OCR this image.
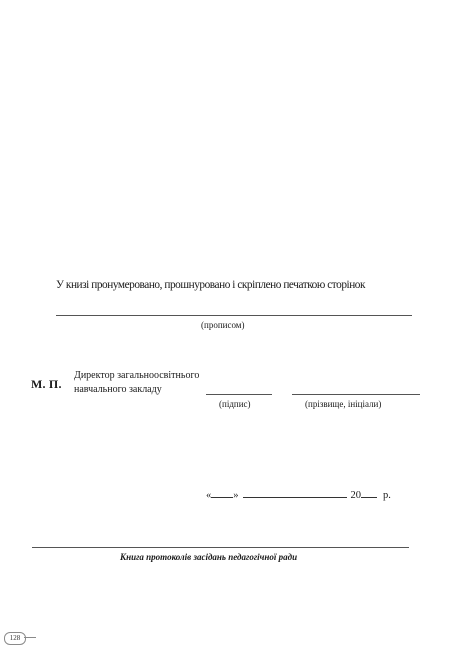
У книзі пронумеровано, прошнуровано і скріплено печаткою сторінок
(прописом)
М. П.
Директор загальноосвітнього
навчального закладу
(підпис)	(прізвище, ініціали)
« »	20 р.
Книга протоколів засідань педагогічної ради
128
